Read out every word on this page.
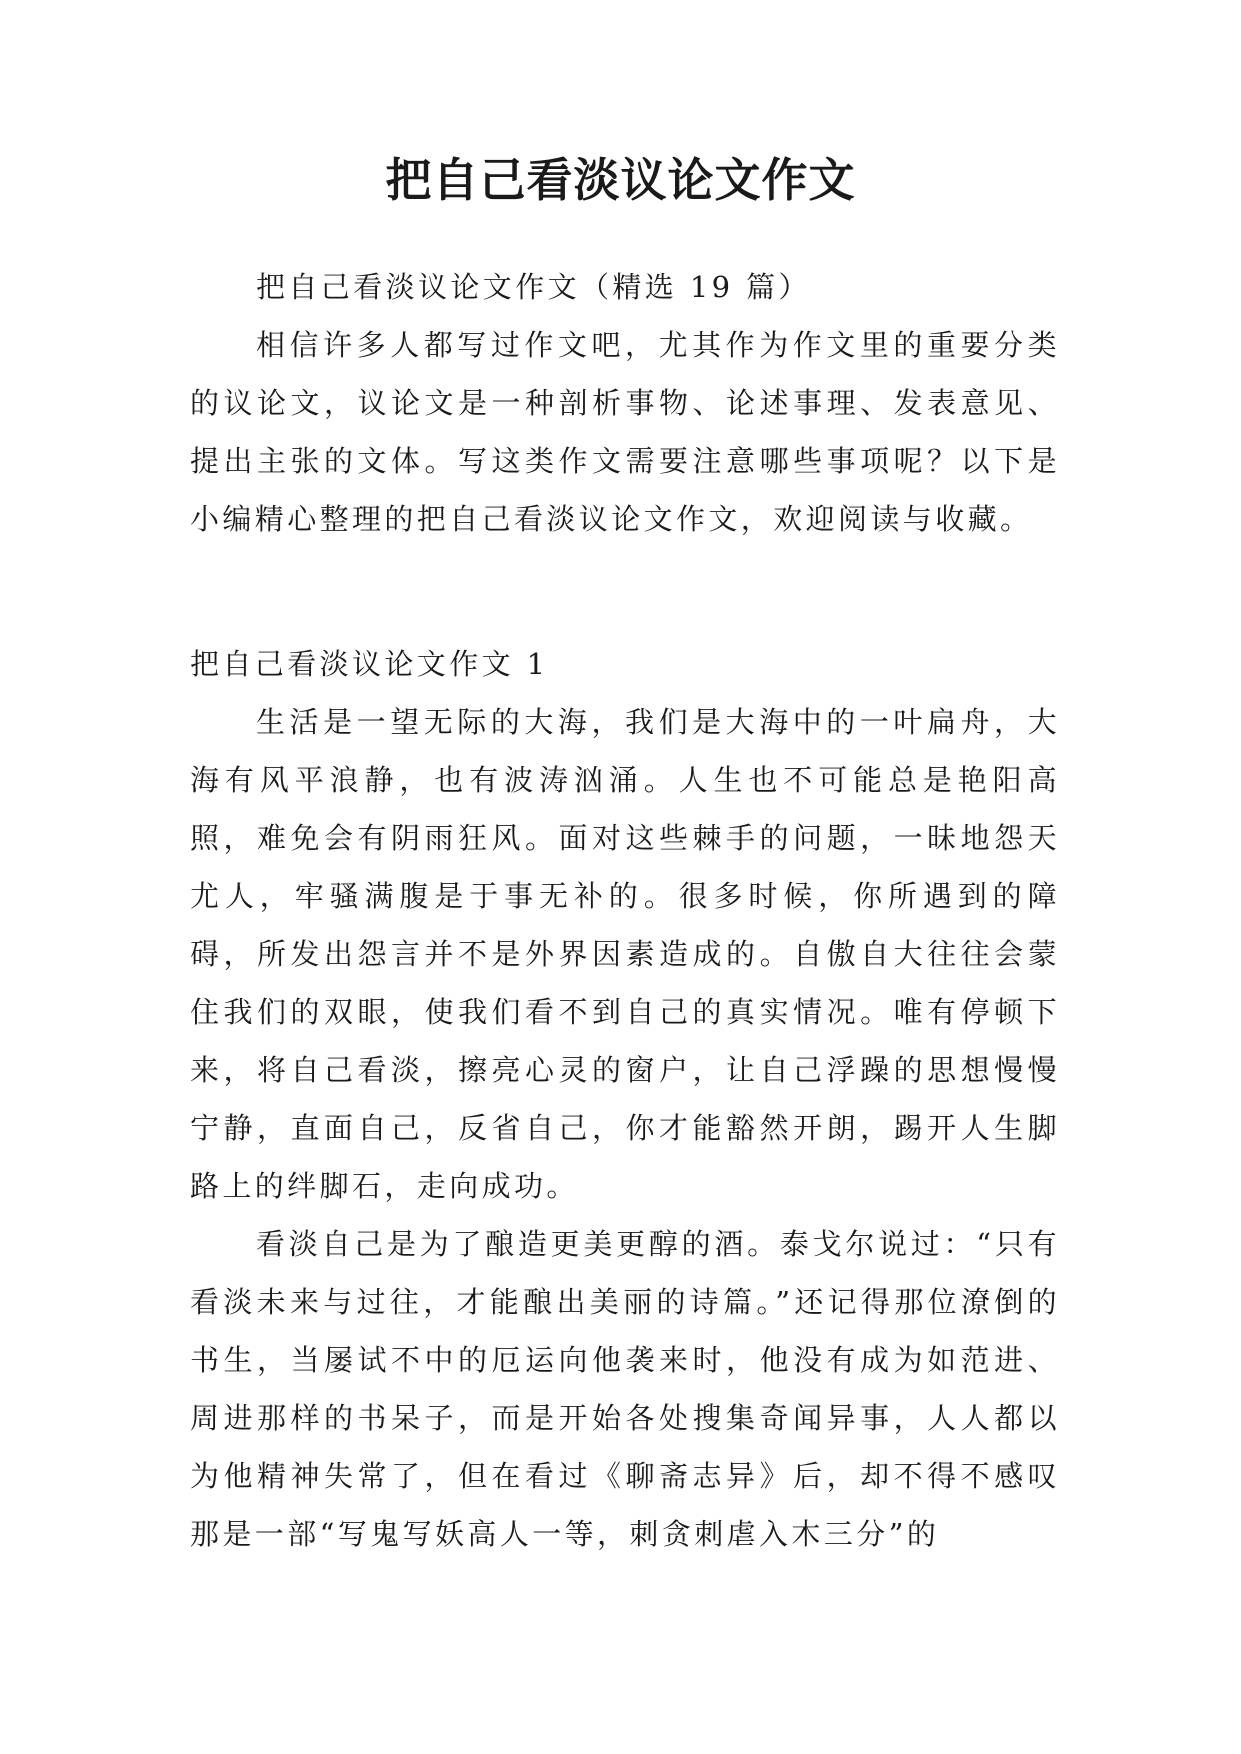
把自己看淡议论文作文

把自己看淡议论文作文（精选 19 篇）

相信许多人都写过作文吧，尤其作为作文里的重要分类的议论文，议论文是一种剖析事物、论述事理、发表意见、提出主张的文体。写这类作文需要注意哪些事项呢？以下是小编精心整理的把自己看淡议论文作文，欢迎阅读与收藏。

把自己看淡议论文作文 1

生活是一望无际的大海，我们是大海中的一叶扁舟，大海有风平浪静，也有波涛汹涌。人生也不可能总是艳阳高照，难免会有阴雨狂风。面对这些棘手的问题，一昧地怨天尤人，牢骚满腹是于事无补的。很多时候，你所遇到的障碍，所发出怨言并不是外界因素造成的。自傲自大往往会蒙住我们的双眼，使我们看不到自己的真实情况。唯有停顿下来，将自己看淡，擦亮心灵的窗户，让自己浮躁的思想慢慢宁静，直面自己，反省自己，你才能豁然开朗，踢开人生脚路上的绊脚石，走向成功。

看淡自己是为了酿造更美更醇的酒。泰戈尔说过：“只有看淡未来与过往，才能酿出美丽的诗篇。”还记得那位潦倒的书生，当屡试不中的厄运向他袭来时，他没有成为如范进、周进那样的书呆子，而是开始各处搜集奇闻异事，人人都以为他精神失常了，但在看过《聊斋志异》后，却不得不感叹那是一部“写鬼写妖高人一等，刺贪刺虐入木三分”的
